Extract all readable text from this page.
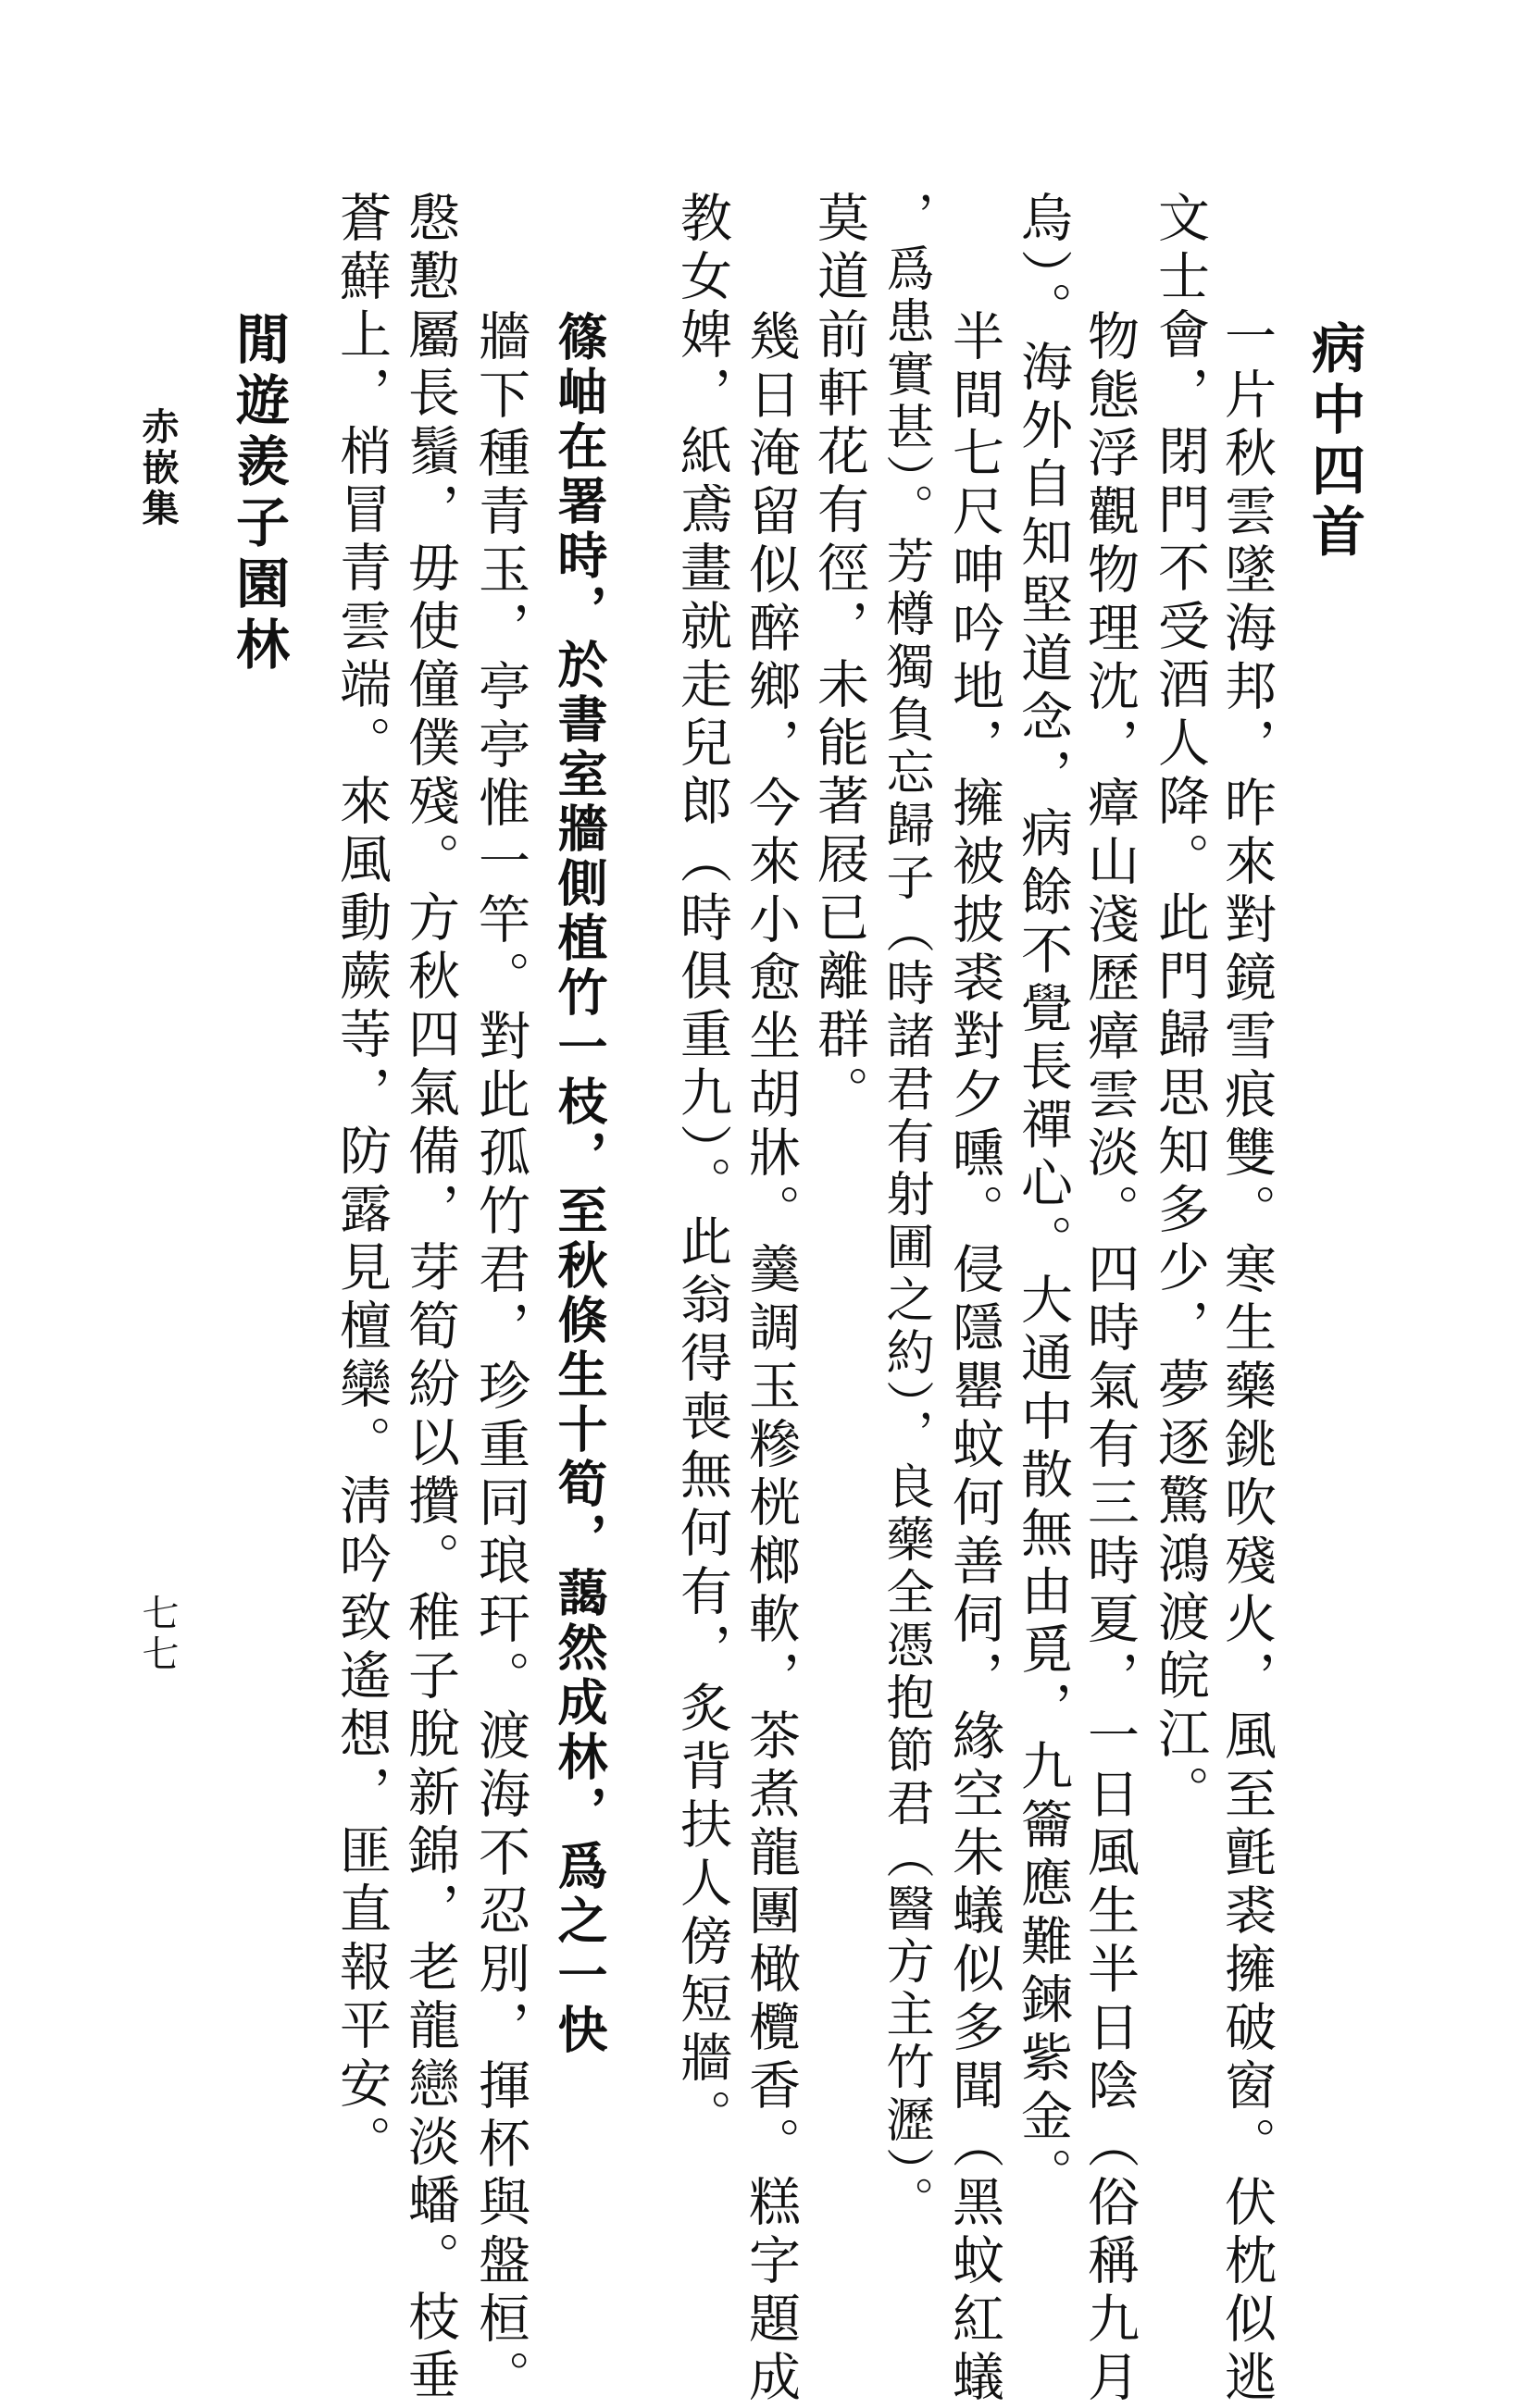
病中四首
一片秋雲墜海邦，昨來對鏡雪痕雙。寒生藥銚吹殘火，風至氈裘擁破窗。伏枕似逃
文士會，閉門不受酒人降。此門歸思知多少，夢逐驚鴻渡皖江。
物態浮觀物理沈，瘴山淺歷瘴雲淡。四時氣有三時夏，一日風生半日陰（俗稱九月
烏）。海外自知堅道念，病餘不覺長禪心。大通中散無由覓，九籥應難鍊紫金。
半間七尺呻吟地，擁被披裘對夕曛。侵隱罌蚊何善伺，緣空朱蟻似多聞（黑蚊紅蟻
，爲患實甚）。芳樽獨負忘歸子（時諸君有射圃之約），良藥全憑抱節君（醫方主竹瀝）。
莫道前軒花有徑，未能著屐已離群。
幾日淹留似醉鄉，今來小愈坐胡牀。羹調玉糝桄榔軟，茶煮龍團橄欖香。糕字題成
教女婢，紙鳶畫就走兒郎（時俱重九）。此翁得喪無何有，炙背扶人傍短牆。
篠岫在署時，於書室牆側植竹一枝，至秋倏生十筍，藹然成林，爲之一快
牆下種青玉，亭亭惟一竿。對此孤竹君，珍重同琅玕。渡海不忍別，揮杯與盤桓。
慇懃屬長鬚，毋使僮僕殘。方秋四氣備，芽筍紛以攢。稚子脫新錦，老龍戀淡蟠。枝垂
蒼蘚上，梢冒青雲端。來風動蕨䓁，防露見檀欒。淸吟致遙想，匪直報平安。
閒遊羨子園林
赤嵌集
七七
